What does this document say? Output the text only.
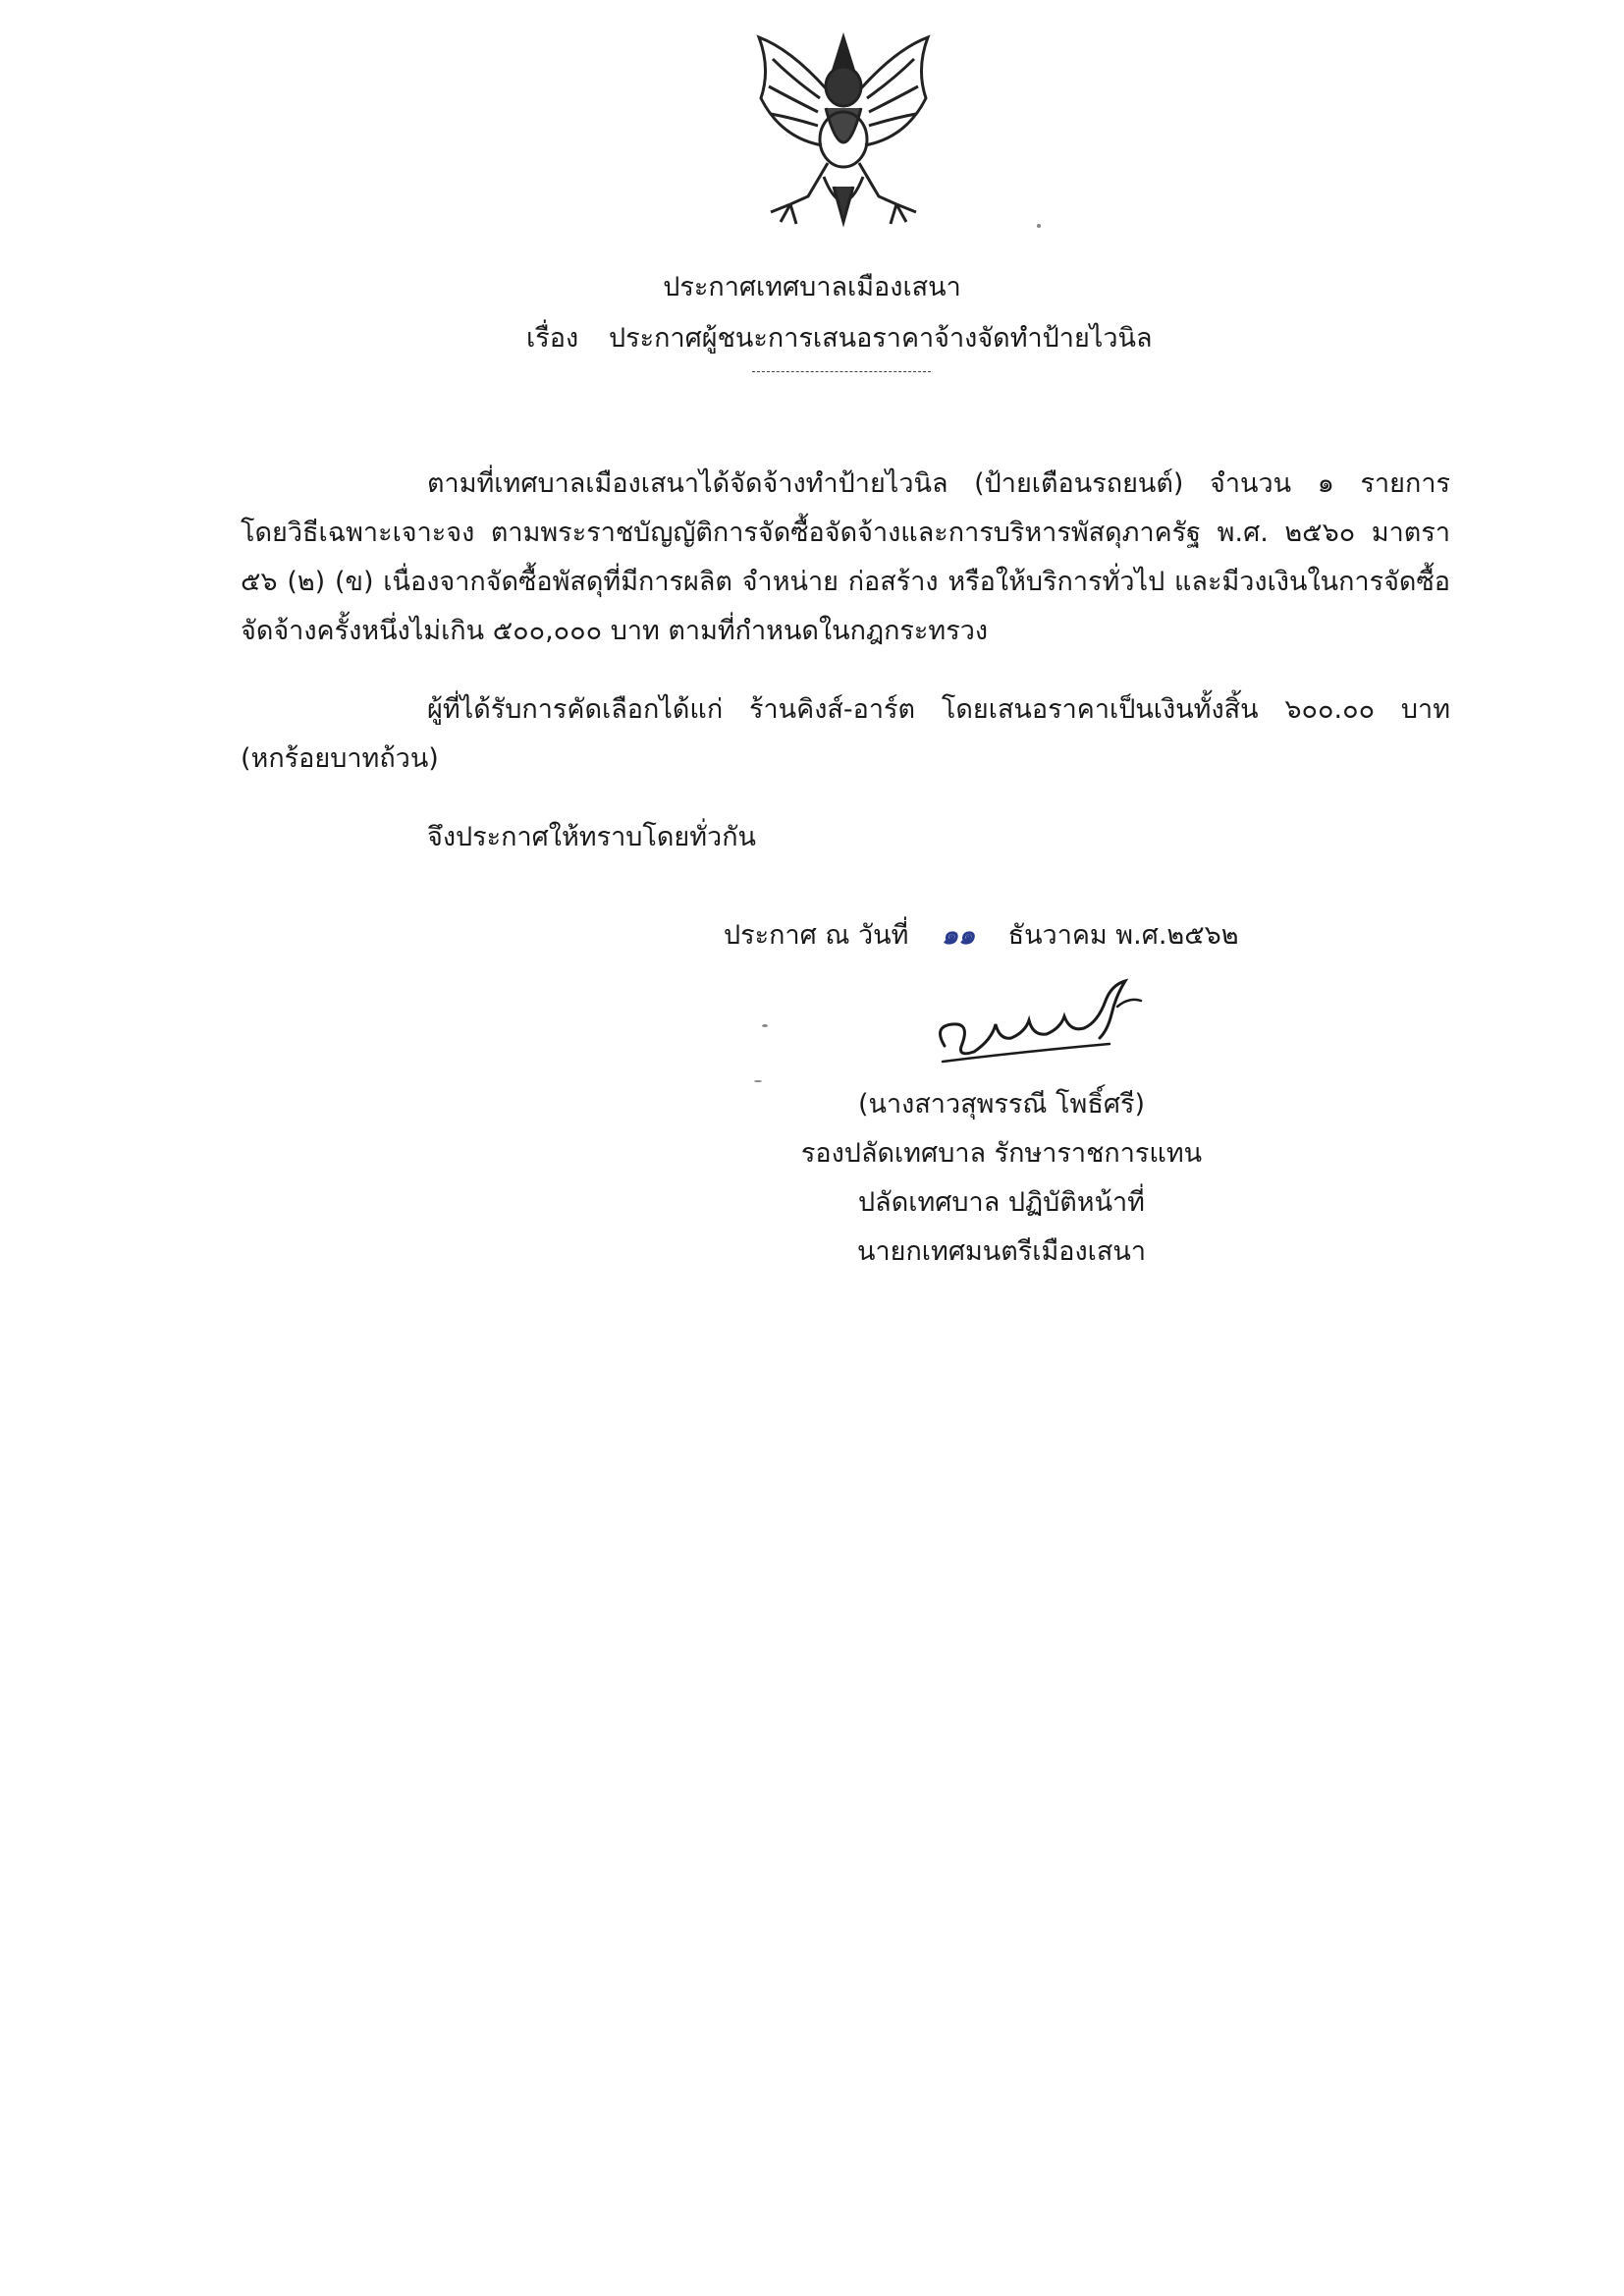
ประกาศเทศบาลเมืองเสนา
เรื่อง ประกาศผู้ชนะการเสนอราคาจ้างจัดทำป้ายไวนิล
ตามที่เทศบาลเมืองเสนาได้จัดจ้างทำป้ายไวนิล (ป้ายเตือนรถยนต์) จำนวน ๑ รายการ
โดยวิธีเฉพาะเจาะจง ตามพระราชบัญญัติการจัดซื้อจัดจ้างและการบริหารพัสดุภาครัฐ พ.ศ. ๒๕๖๐ มาตรา
๕๖ (๒) (ข) เนื่องจากจัดซื้อพัสดุที่มีการผลิต จำหน่าย ก่อสร้าง หรือให้บริการทั่วไป และมีวงเงินในการจัดซื้อ
จัดจ้างครั้งหนึ่งไม่เกิน ๕๐๐,๐๐๐ บาท ตามที่กำหนดในกฎกระทรวง
ผู้ที่ได้รับการคัดเลือกได้แก่ ร้านคิงส์-อาร์ต โดยเสนอราคาเป็นเงินทั้งสิ้น ๖๐๐.๐๐ บาท
(หกร้อยบาทถ้วน)
จึงประกาศให้ทราบโดยทั่วกัน
ประกาศ ณ วันที่ ๑๑ ธันวาคม พ.ศ.๒๕๖๒
(นางสาวสุพรรณี โพธิ์ศรี)
รองปลัดเทศบาล รักษาราชการแทน
ปลัดเทศบาล ปฏิบัติหน้าที่
นายกเทศมนตรีเมืองเสนา
